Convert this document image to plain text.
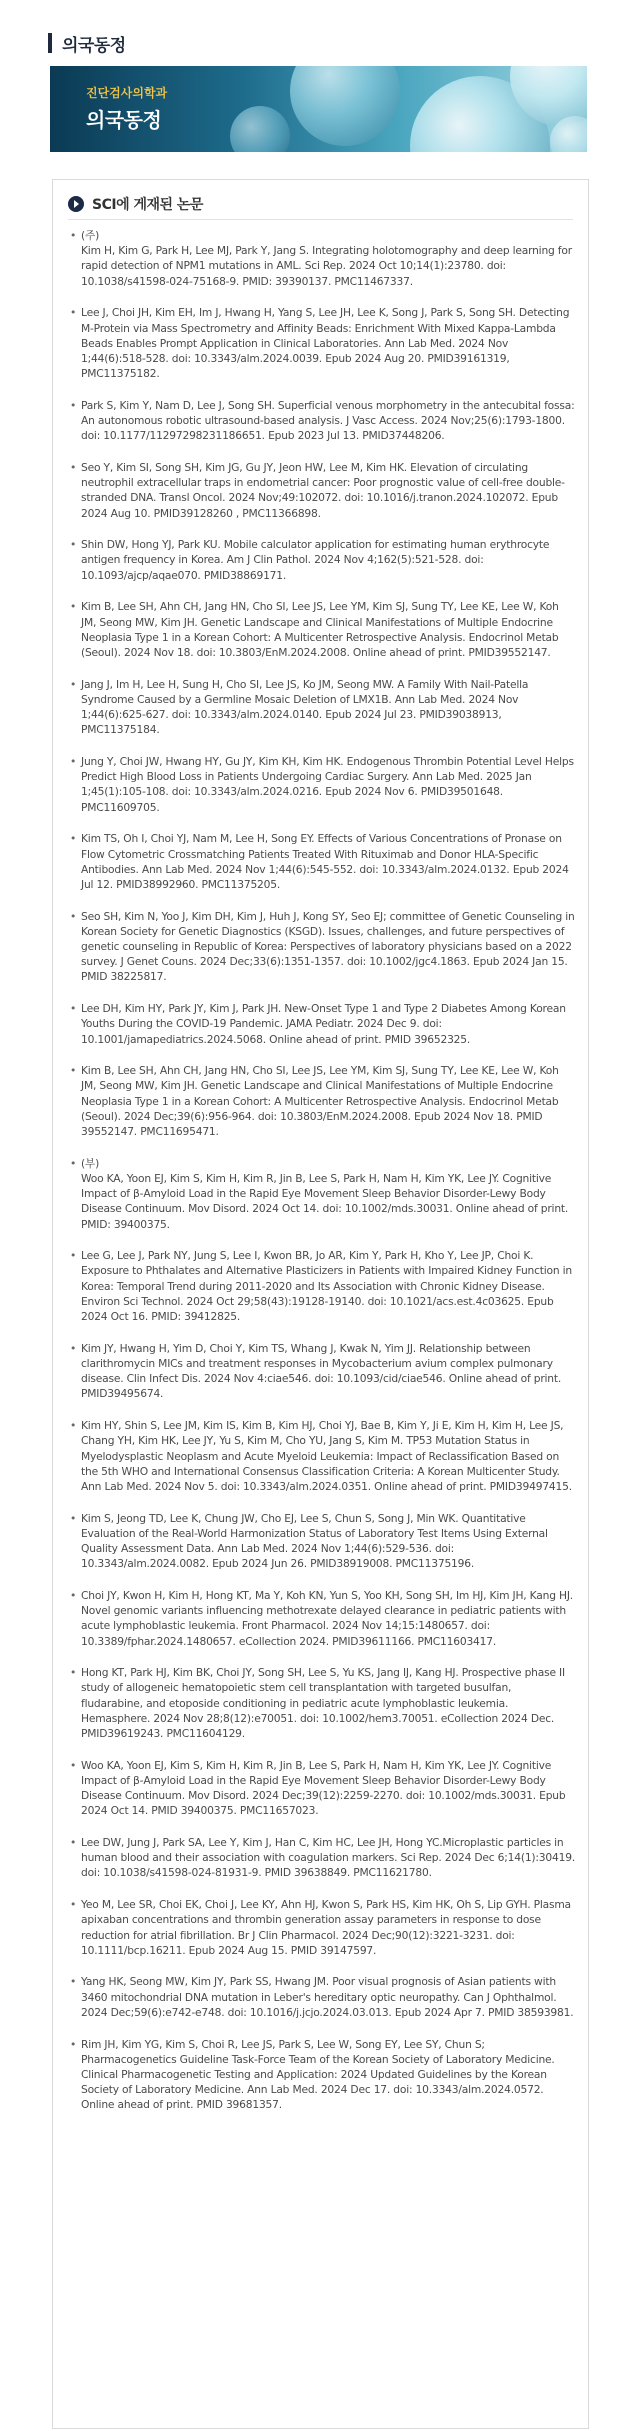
의국동정
진단검사의학과
의국동정
SCI에 게재된 논문
• (주)
Kim H, Kim G, Park H, Lee MJ, Park Y, Jang S. Integrating holotomography and deep learning for rapid detection of NPM1 mutations in AML. Sci Rep. 2024 Oct 10;14(1):23780. doi: 10.1038/s41598-024-75168-9. PMID: 39390137. PMC11467337.
• Lee J, Choi JH, Kim EH, Im J, Hwang H, Yang S, Lee JH, Lee K, Song J, Park S, Song SH. Detecting M-Protein via Mass Spectrometry and Affinity Beads: Enrichment With Mixed Kappa-Lambda Beads Enables Prompt Application in Clinical Laboratories. Ann Lab Med. 2024 Nov 1;44(6):518-528. doi: 10.3343/alm.2024.0039. Epub 2024 Aug 20. PMID39161319, PMC11375182.
• Park S, Kim Y, Nam D, Lee J, Song SH. Superficial venous morphometry in the antecubital fossa: An autonomous robotic ultrasound-based analysis. J Vasc Access. 2024 Nov;25(6):1793-1800. doi: 10.1177/11297298231186651. Epub 2023 Jul 13. PMID37448206.
• Seo Y, Kim SI, Song SH, Kim JG, Gu JY, Jeon HW, Lee M, Kim HK. Elevation of circulating neutrophil extracellular traps in endometrial cancer: Poor prognostic value of cell-free double-stranded DNA. Transl Oncol. 2024 Nov;49:102072. doi: 10.1016/j.tranon.2024.102072. Epub 2024 Aug 10. PMID39128260 , PMC11366898.
• Shin DW, Hong YJ, Park KU. Mobile calculator application for estimating human erythrocyte antigen frequency in Korea. Am J Clin Pathol. 2024 Nov 4;162(5):521-528. doi: 10.1093/ajcp/aqae070. PMID38869171.
• Kim B, Lee SH, Ahn CH, Jang HN, Cho SI, Lee JS, Lee YM, Kim SJ, Sung TY, Lee KE, Lee W, Koh JM, Seong MW, Kim JH. Genetic Landscape and Clinical Manifestations of Multiple Endocrine Neoplasia Type 1 in a Korean Cohort: A Multicenter Retrospective Analysis. Endocrinol Metab (Seoul). 2024 Nov 18. doi: 10.3803/EnM.2024.2008. Online ahead of print. PMID39552147.
• Jang J, Im H, Lee H, Sung H, Cho SI, Lee JS, Ko JM, Seong MW. A Family With Nail-Patella Syndrome Caused by a Germline Mosaic Deletion of LMX1B. Ann Lab Med. 2024 Nov 1;44(6):625-627. doi: 10.3343/alm.2024.0140. Epub 2024 Jul 23. PMID39038913, PMC11375184.
• Jung Y, Choi JW, Hwang HY, Gu JY, Kim KH, Kim HK. Endogenous Thrombin Potential Level Helps Predict High Blood Loss in Patients Undergoing Cardiac Surgery. Ann Lab Med. 2025 Jan 1;45(1):105-108. doi: 10.3343/alm.2024.0216. Epub 2024 Nov 6. PMID39501648. PMC11609705.
• Kim TS, Oh I, Choi YJ, Nam M, Lee H, Song EY. Effects of Various Concentrations of Pronase on Flow Cytometric Crossmatching Patients Treated With Rituximab and Donor HLA-Specific Antibodies. Ann Lab Med. 2024 Nov 1;44(6):545-552. doi: 10.3343/alm.2024.0132. Epub 2024 Jul 12. PMID38992960. PMC11375205.
• Seo SH, Kim N, Yoo J, Kim DH, Kim J, Huh J, Kong SY, Seo EJ; committee of Genetic Counseling in Korean Society for Genetic Diagnostics (KSGD). Issues, challenges, and future perspectives of genetic counseling in Republic of Korea: Perspectives of laboratory physicians based on a 2022 survey. J Genet Couns. 2024 Dec;33(6):1351-1357. doi: 10.1002/jgc4.1863. Epub 2024 Jan 15. PMID 38225817.
• Lee DH, Kim HY, Park JY, Kim J, Park JH. New-Onset Type 1 and Type 2 Diabetes Among Korean Youths During the COVID-19 Pandemic. JAMA Pediatr. 2024 Dec 9. doi: 10.1001/jamapediatrics.2024.5068. Online ahead of print. PMID 39652325.
• Kim B, Lee SH, Ahn CH, Jang HN, Cho SI, Lee JS, Lee YM, Kim SJ, Sung TY, Lee KE, Lee W, Koh JM, Seong MW, Kim JH. Genetic Landscape and Clinical Manifestations of Multiple Endocrine Neoplasia Type 1 in a Korean Cohort: A Multicenter Retrospective Analysis. Endocrinol Metab (Seoul). 2024 Dec;39(6):956-964. doi: 10.3803/EnM.2024.2008. Epub 2024 Nov 18. PMID 39552147. PMC11695471.
• (부)
Woo KA, Yoon EJ, Kim S, Kim H, Kim R, Jin B, Lee S, Park H, Nam H, Kim YK, Lee JY. Cognitive Impact of β-Amyloid Load in the Rapid Eye Movement Sleep Behavior Disorder-Lewy Body Disease Continuum. Mov Disord. 2024 Oct 14. doi: 10.1002/mds.30031. Online ahead of print. PMID: 39400375.
• Lee G, Lee J, Park NY, Jung S, Lee I, Kwon BR, Jo AR, Kim Y, Park H, Kho Y, Lee JP, Choi K. Exposure to Phthalates and Alternative Plasticizers in Patients with Impaired Kidney Function in Korea: Temporal Trend during 2011-2020 and Its Association with Chronic Kidney Disease. Environ Sci Technol. 2024 Oct 29;58(43):19128-19140. doi: 10.1021/acs.est.4c03625. Epub 2024 Oct 16. PMID: 39412825.
• Kim JY, Hwang H, Yim D, Choi Y, Kim TS, Whang J, Kwak N, Yim JJ. Relationship between clarithromycin MICs and treatment responses in Mycobacterium avium complex pulmonary disease. Clin Infect Dis. 2024 Nov 4:ciae546. doi: 10.1093/cid/ciae546. Online ahead of print. PMID39495674.
• Kim HY, Shin S, Lee JM, Kim IS, Kim B, Kim HJ, Choi YJ, Bae B, Kim Y, Ji E, Kim H, Kim H, Lee JS, Chang YH, Kim HK, Lee JY, Yu S, Kim M, Cho YU, Jang S, Kim M. TP53 Mutation Status in Myelodysplastic Neoplasm and Acute Myeloid Leukemia: Impact of Reclassification Based on the 5th WHO and International Consensus Classification Criteria: A Korean Multicenter Study. Ann Lab Med. 2024 Nov 5. doi: 10.3343/alm.2024.0351. Online ahead of print. PMID39497415.
• Kim S, Jeong TD, Lee K, Chung JW, Cho EJ, Lee S, Chun S, Song J, Min WK. Quantitative Evaluation of the Real-World Harmonization Status of Laboratory Test Items Using External Quality Assessment Data. Ann Lab Med. 2024 Nov 1;44(6):529-536. doi: 10.3343/alm.2024.0082. Epub 2024 Jun 26. PMID38919008. PMC11375196.
• Choi JY, Kwon H, Kim H, Hong KT, Ma Y, Koh KN, Yun S, Yoo KH, Song SH, Im HJ, Kim JH, Kang HJ. Novel genomic variants influencing methotrexate delayed clearance in pediatric patients with acute lymphoblastic leukemia. Front Pharmacol. 2024 Nov 14;15:1480657. doi: 10.3389/fphar.2024.1480657. eCollection 2024. PMID39611166. PMC11603417.
• Hong KT, Park HJ, Kim BK, Choi JY, Song SH, Lee S, Yu KS, Jang IJ, Kang HJ. Prospective phase II study of allogeneic hematopoietic stem cell transplantation with targeted busulfan, fludarabine, and etoposide conditioning in pediatric acute lymphoblastic leukemia. Hemasphere. 2024 Nov 28;8(12):e70051. doi: 10.1002/hem3.70051. eCollection 2024 Dec. PMID39619243. PMC11604129.
• Woo KA, Yoon EJ, Kim S, Kim H, Kim R, Jin B, Lee S, Park H, Nam H, Kim YK, Lee JY. Cognitive Impact of β-Amyloid Load in the Rapid Eye Movement Sleep Behavior Disorder-Lewy Body Disease Continuum. Mov Disord. 2024 Dec;39(12):2259-2270. doi: 10.1002/mds.30031. Epub 2024 Oct 14. PMID 39400375. PMC11657023.
• Lee DW, Jung J, Park SA, Lee Y, Kim J, Han C, Kim HC, Lee JH, Hong YC.Microplastic particles in human blood and their association with coagulation markers. Sci Rep. 2024 Dec 6;14(1):30419. doi: 10.1038/s41598-024-81931-9. PMID 39638849. PMC11621780.
• Yeo M, Lee SR, Choi EK, Choi J, Lee KY, Ahn HJ, Kwon S, Park HS, Kim HK, Oh S, Lip GYH. Plasma apixaban concentrations and thrombin generation assay parameters in response to dose reduction for atrial fibrillation. Br J Clin Pharmacol. 2024 Dec;90(12):3221-3231. doi: 10.1111/bcp.16211. Epub 2024 Aug 15. PMID 39147597.
• Yang HK, Seong MW, Kim JY, Park SS, Hwang JM. Poor visual prognosis of Asian patients with 3460 mitochondrial DNA mutation in Leber's hereditary optic neuropathy. Can J Ophthalmol. 2024 Dec;59(6):e742-e748. doi: 10.1016/j.jcjo.2024.03.013. Epub 2024 Apr 7. PMID 38593981.
• Rim JH, Kim YG, Kim S, Choi R, Lee JS, Park S, Lee W, Song EY, Lee SY, Chun S; Pharmacogenetics Guideline Task-Force Team of the Korean Society of Laboratory Medicine. Clinical Pharmacogenetic Testing and Application: 2024 Updated Guidelines by the Korean Society of Laboratory Medicine. Ann Lab Med. 2024 Dec 17. doi: 10.3343/alm.2024.0572. Online ahead of print. PMID 39681357.
